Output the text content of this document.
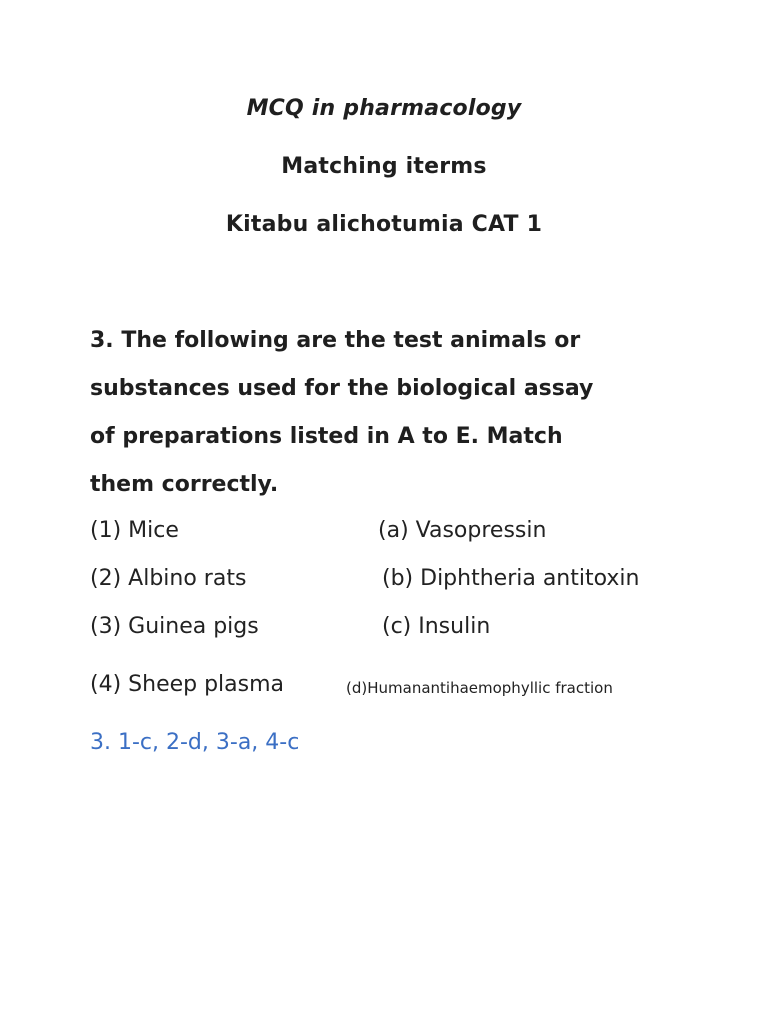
MCQ in pharmacology
Matching iterms
Kitabu alichotumia CAT 1
3. The following are the test animals or
substances used for the biological assay
of preparations listed in A to E. Match
them correctly.
(1) Mice	(a) Vasopressin
(2) Albino rats	(b) Diphtheria antitoxin
(3) Guinea pigs	(c) Insulin
(4) Sheep plasma	(d)Humanantihaemophyllic fraction
3. 1-c, 2-d, 3-a, 4-c
